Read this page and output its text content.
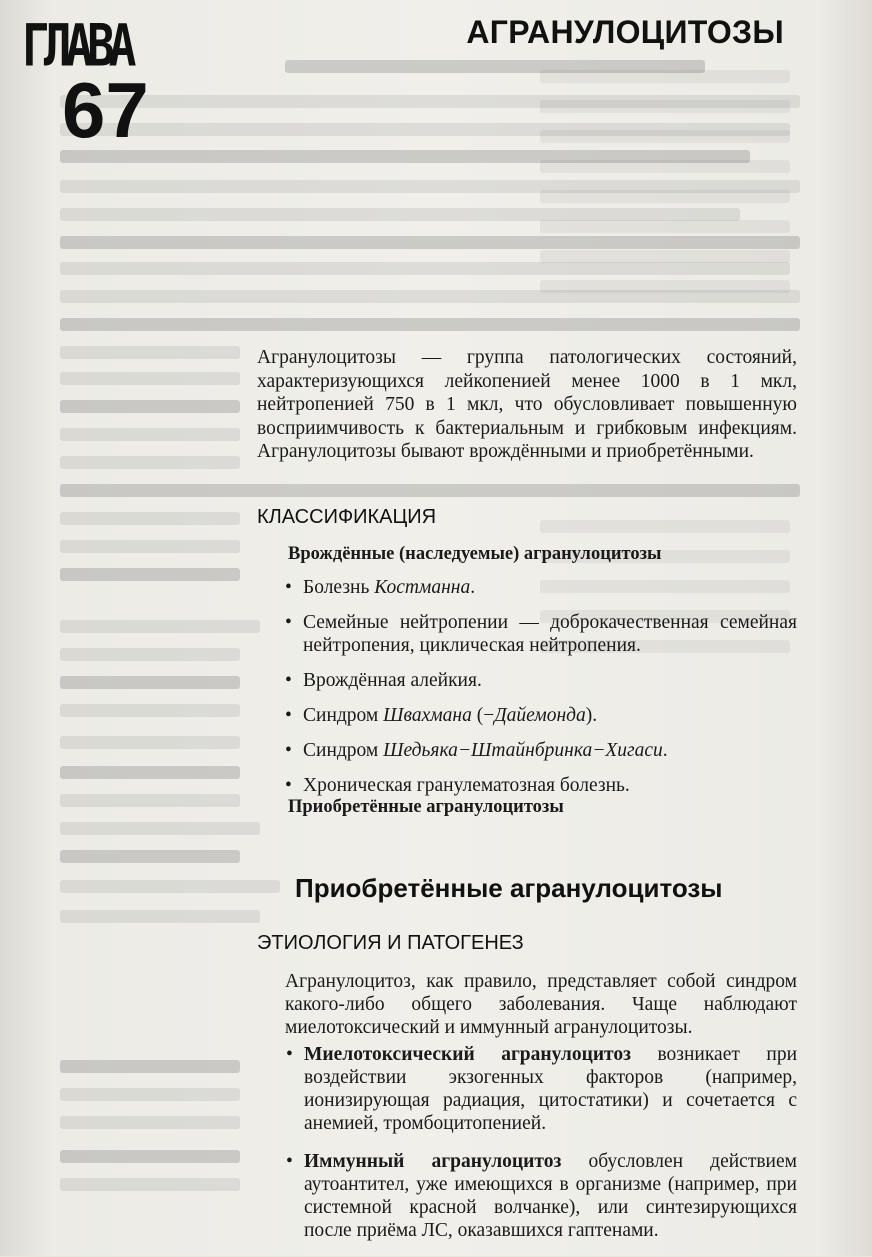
ГЛАВА
67
АГРАНУЛОЦИТОЗЫ
Агранулоцитозы — группа патологических состояний, характеризующихся лейкопенией менее 1000 в 1 мкл, нейтропенией 750 в 1 мкл, что обусловливает повышенную восприимчивость к бактериальным и грибковым инфекциям. Агранулоцитозы бывают врождёнными и приобретёнными.
КЛАССИФИКАЦИЯ
Врождённые (наследуемые) агранулоцитозы
• Болезнь Костманна.
• Семейные нейтропении — доброкачественная семейная нейтропения, циклическая нейтропения.
• Врождённая алейкия.
• Синдром Швахмана (−Дайемонда).
• Синдром Шедьяка−Штайнбринка−Хигаси.
• Хроническая гранулематозная болезнь.
Приобретённые агранулоцитозы
Приобретённые агранулоцитозы
ЭТИОЛОГИЯ И ПАТОГЕНЕЗ
Агранулоцитоз, как правило, представляет собой синдром какого-либо общего заболевания. Чаще наблюдают миелотоксический и иммунный агранулоцитозы.
• Миелотоксический агранулоцитоз возникает при воздействии экзогенных факторов (например, ионизирующая радиация, цитостатики) и сочетается с анемией, тромбоцитопенией.
• Иммунный агранулоцитоз обусловлен действием аутоантител, уже имеющихся в организме (например, при системной красной волчанке), или синтезирующихся после приёма ЛС, оказавшихся гаптенами.
